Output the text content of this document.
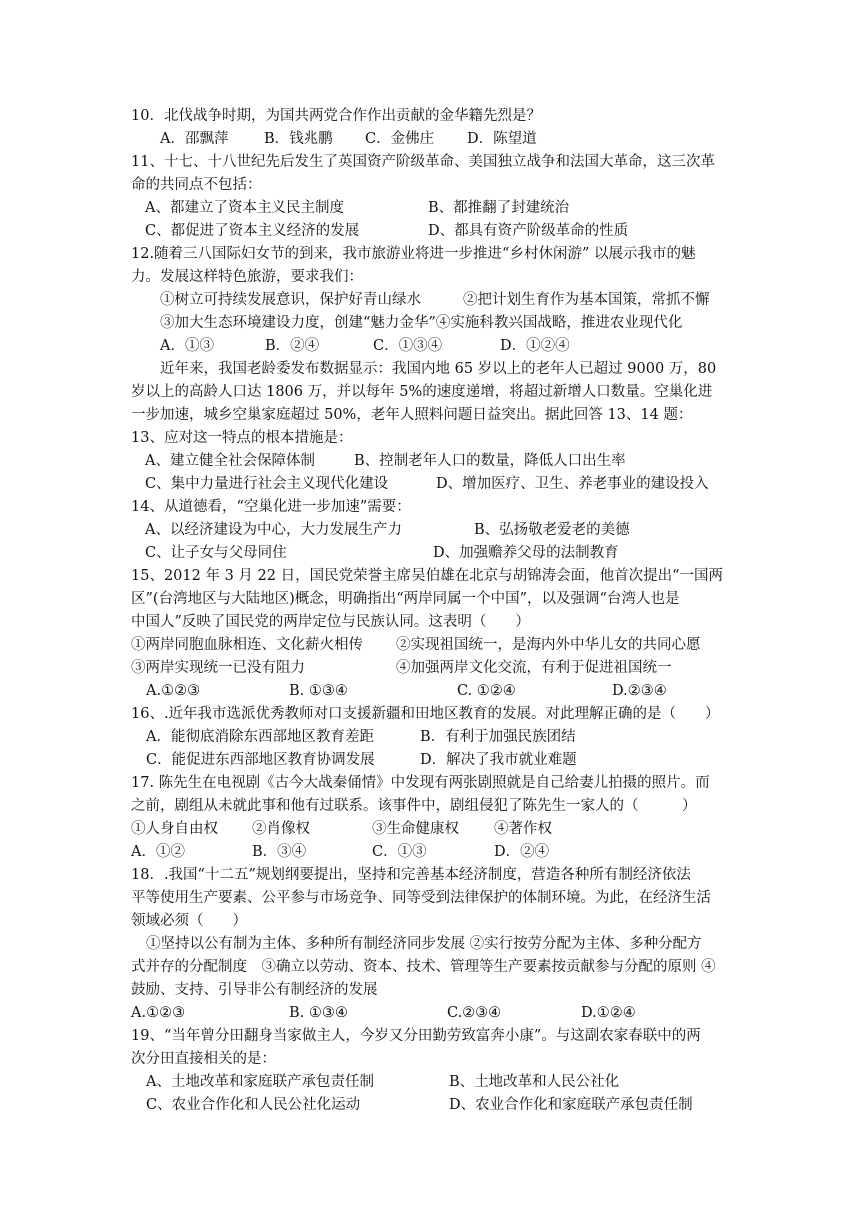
10．北伐战争时期，为国共两党合作作出贡献的金华籍先烈是？
A．邵飘萍 B．钱兆鹏 C．金佛庄 D．陈望道
11、十七、十八世纪先后发生了英国资产阶级革命、美国独立战争和法国大革命，这三次革
命的共同点不包括：
A、都建立了资本主义民主制度	B、都推翻了封建统治
C、都促进了资本主义经济的发展	D、都具有资产阶级革命的性质
12.随着三八国际妇女节的到来，我市旅游业将进一步推进“乡村休闲游” 以展示我市的魅
力。发展这样特色旅游，要求我们：
①树立可持续发展意识，保护好青山绿水	②把计划生育作为基本国策，常抓不懈
③加大生态环境建设力度，创建“魅力金华”④实施科教兴国战略，推进农业现代化
A．①③	B．②④	C．①③④	D．①②④
近年来，我国老龄委发布数据显示：我国内地 65 岁以上的老年人已超过 9000 万，80
岁以上的高龄人口达 1806 万，并以每年 5%的速度递增，将超过新增人口数量。空巢化进
一步加速，城乡空巢家庭超过 50%，老年人照料问题日益突出。据此回答 13、14 题：
13、应对这一特点的根本措施是：
A、建立健全社会保障体制	B、控制老年人口的数量，降低人口出生率
C、集中力量进行社会主义现代化建设	D、增加医疗、卫生、养老事业的建设投入
14、从道德看，“空巢化进一步加速”需要：
A、以经济建设为中心，大力发展生产力	B、弘扬敬老爱老的美德
C、让子女与父母同住	D、加强赡养父母的法制教育
15、2012 年 3 月 22 日，国民党荣誉主席吴伯雄在北京与胡锦涛会面，他首次提出“一国两
区”(台湾地区与大陆地区)概念，明确指出“两岸同属一个中国”，以及强调“台湾人也是
中国人”反映了国民党的两岸定位与民族认同。这表明（　　）
①两岸同胞血脉相连、文化薪火相传 ②实现祖国统一，是海内外中华儿女的共同心愿
③两岸实现统一已没有阻力	④加强两岸文化交流，有利于促进祖国统一
A.①②③	B. ①③④	C. ①②④	D.②③④
16、.近年我市选派优秀教师对口支援新疆和田地区教育的发展。对此理解正确的是（　　）
A．能彻底消除东西部地区教育差距	B．有利于加强民族团结
C．能促进东西部地区教育协调发展	D．解决了我市就业难题
17. 陈先生在电视剧《古今大战秦俑情》中发现有两张剧照就是自己给妻儿拍摄的照片。而
之前，剧组从未就此事和他有过联系。该事件中，剧组侵犯了陈先生一家人的（　　　）
①人身自由权 ②肖像权	③生命健康权 ④著作权
A．①②	B．③④	C．①③	D．②④
18．.我国“十二五”规划纲要提出，坚持和完善基本经济制度，营造各种所有制经济依法
平等使用生产要素、公平参与市场竞争、同等受到法律保护的体制环境。为此，在经济生活
领域必须（　　）
①坚持以公有制为主体、多种所有制经济同步发展 ②实行按劳分配为主体、多种分配方
式并存的分配制度　③确立以劳动、资本、技术、管理等生产要素按贡献参与分配的原则 ④
鼓励、支持、引导非公有制经济的发展
A.①②③	B. ①③④	C.②③④	D.①②④
19、“当年曾分田翻身当家做主人，今岁又分田勤劳致富奔小康”。与这副农家春联中的两
次分田直接相关的是：
A、土地改革和家庭联产承包责任制	B、土地改革和人民公社化
C、农业合作化和人民公社化运动	D、农业合作化和家庭联产承包责任制
